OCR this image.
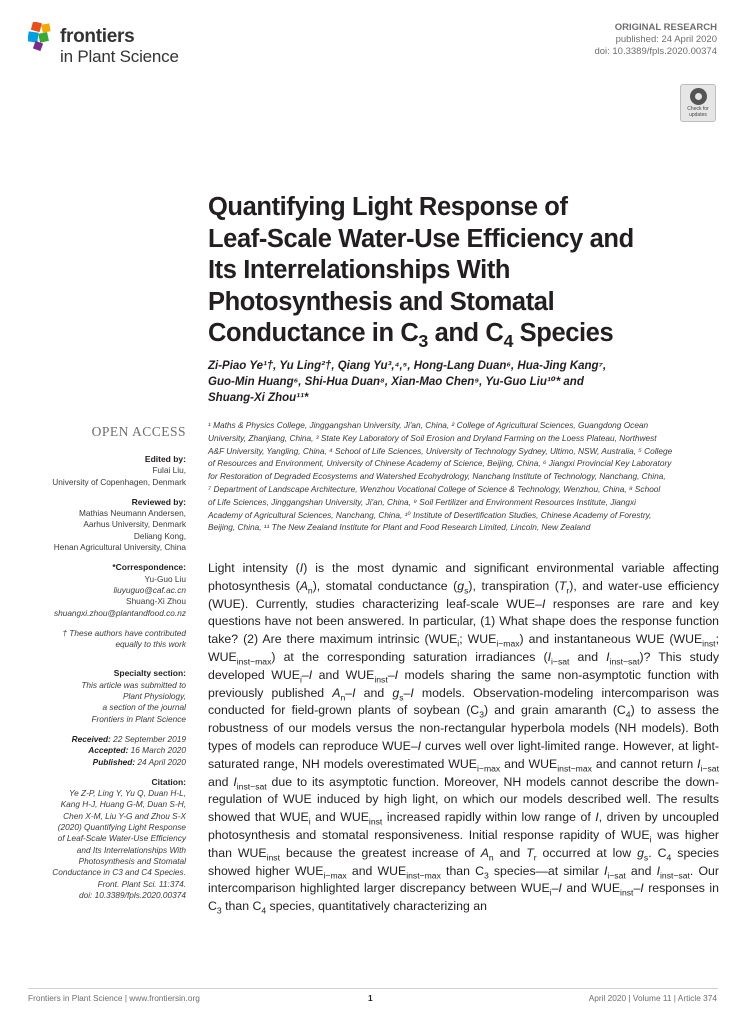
frontiers
in Plant Science
ORIGINAL RESEARCH
published: 24 April 2020
doi: 10.3389/fpls.2020.00374
Check for
updates
Quantifying Light Response of
Leaf-Scale Water-Use Efficiency and
Its Interrelationships With
Photosynthesis and Stomatal
Conductance in $C_3$ and $C_4$ Species
Zi-Piao Ye¹†, Yu Ling²†, Qiang Yu³,⁴,⁵, Hong-Lang Duan⁶, Hua-Jing Kang⁷,
Guo-Min Huang⁶, Shi-Hua Duan⁸, Xian-Mao Chen⁹, Yu-Guo Liu¹⁰* and
Shuang-Xi Zhou¹¹*
¹ Maths & Physics College, Jinggangshan University, Ji'an, China, ² College of Agricultural Sciences, Guangdong Ocean
University, Zhanjiang, China, ³ State Key Laboratory of Soil Erosion and Dryland Farming on the Loess Plateau, Northwest
A&F University, Yangling, China, ⁴ School of Life Sciences, University of Technology Sydney, Ultimo, NSW, Australia, ⁵ College
of Resources and Environment, University of Chinese Academy of Science, Beijing, China, ⁶ Jiangxi Provincial Key Laboratory
for Restoration of Degraded Ecosystems and Watershed Ecohydrology, Nanchang Institute of Technology, Nanchang, China,
⁷ Department of Landscape Architecture, Wenzhou Vocational College of Science & Technology, Wenzhou, China, ⁸ School
of Life Sciences, Jinggangshan University, Ji'an, China, ⁹ Soil Fertilizer and Environment Resources Institute, Jiangxi
Academy of Agricultural Sciences, Nanchang, China, ¹⁰ Institute of Desertification Studies, Chinese Academy of Forestry,
Beijing, China, ¹¹ The New Zealand Institute for Plant and Food Research Limited, Lincoln, New Zealand
OPEN ACCESS
Edited by:
Fulai Liu,
University of Copenhagen, Denmark
Reviewed by:
Mathias Neumann Andersen,
Aarhus University, Denmark
Deliang Kong,
Henan Agricultural University, China
*Correspondence:
Yu-Guo Liu
liuyuguo@caf.ac.cn
Shuang-Xi Zhou
shuangxi.zhou@plantandfood.co.nz
† These authors have contributed
equally to this work
Specialty section:
This article was submitted to
Plant Physiology,
a section of the journal
Frontiers in Plant Science
Received: 22 September 2019
Accepted: 16 March 2020
Published: 24 April 2020
Citation:
Ye Z-P, Ling Y, Yu Q, Duan H-L,
Kang H-J, Huang G-M, Duan S-H,
Chen X-M, Liu Y-G and Zhou S-X
(2020) Quantifying Light Response
of Leaf-Scale Water-Use Efficiency
and Its Interrelationships With
Photosynthesis and Stomatal
Conductance in C3 and C4 Species.
Front. Plant Sci. 11:374.
doi: 10.3389/fpls.2020.00374

Light intensity (I) is the most dynamic and significant environmental variable affecting photosynthesis $(A_n)$, stomatal conductance $(g_s)$, transpiration $(T_r)$, and water-use efficiency (WUE). Currently, studies characterizing leaf-scale WUE–I responses are rare and key questions have not been answered. In particular, (1) What shape does the response function take? (2) Are there maximum intrinsic ($WUE_i$; $WUE_{i-max}$) and instantaneous WUE ($WUE_{inst}$; $WUE_{inst-max}$) at the corresponding saturation irradiances ($I_{i-sat}$ and $I_{inst-sat}$)? This study developed $WUE_i-I$ and $WUE_{inst}-I$ models sharing the same non-asymptotic function with previously published $A_n-I$ and $g_s-I$ models. Observation-modeling intercomparison was conducted for field-grown plants of soybean $(C_3)$ and grain amaranth $(C_4)$ to assess the robustness of our models versus the non-rectangular hyperbola models (NH models). Both types of models can reproduce WUE–I curves well over light-limited range. However, at light-saturated range, NH models overestimated $WUE_{i-max}$ and $WUE_{inst-max}$ and cannot return $I_{i-sat}$ and $I_{inst-sat}$ due to its asymptotic function. Moreover, NH models cannot describe the down-regulation of WUE induced by high light, on which our models described well. The results showed that $WUE_i$ and $WUE_{inst}$ increased rapidly within low range of I, driven by uncoupled photosynthesis and stomatal responsiveness. Initial response rapidity of $WUE_i$ was higher than $WUE_{inst}$ because the greatest increase of $A_n$ and $T_r$ occurred at low $g_s$. $C_4$ species showed higher $WUE_{i-max}$ and $WUE_{inst-max}$ than $C_3$ species—at similar $I_{i-sat}$ and $I_{inst-sat}$. Our intercomparison highlighted larger discrepancy between $WUE_i-I$ and $WUE_{inst}-I$ responses in $C_3$ than $C_4$ species, quantitatively characterizing an

Frontiers in Plant Science | www.frontiersin.org	1	April 2020 | Volume 11 | Article 374
